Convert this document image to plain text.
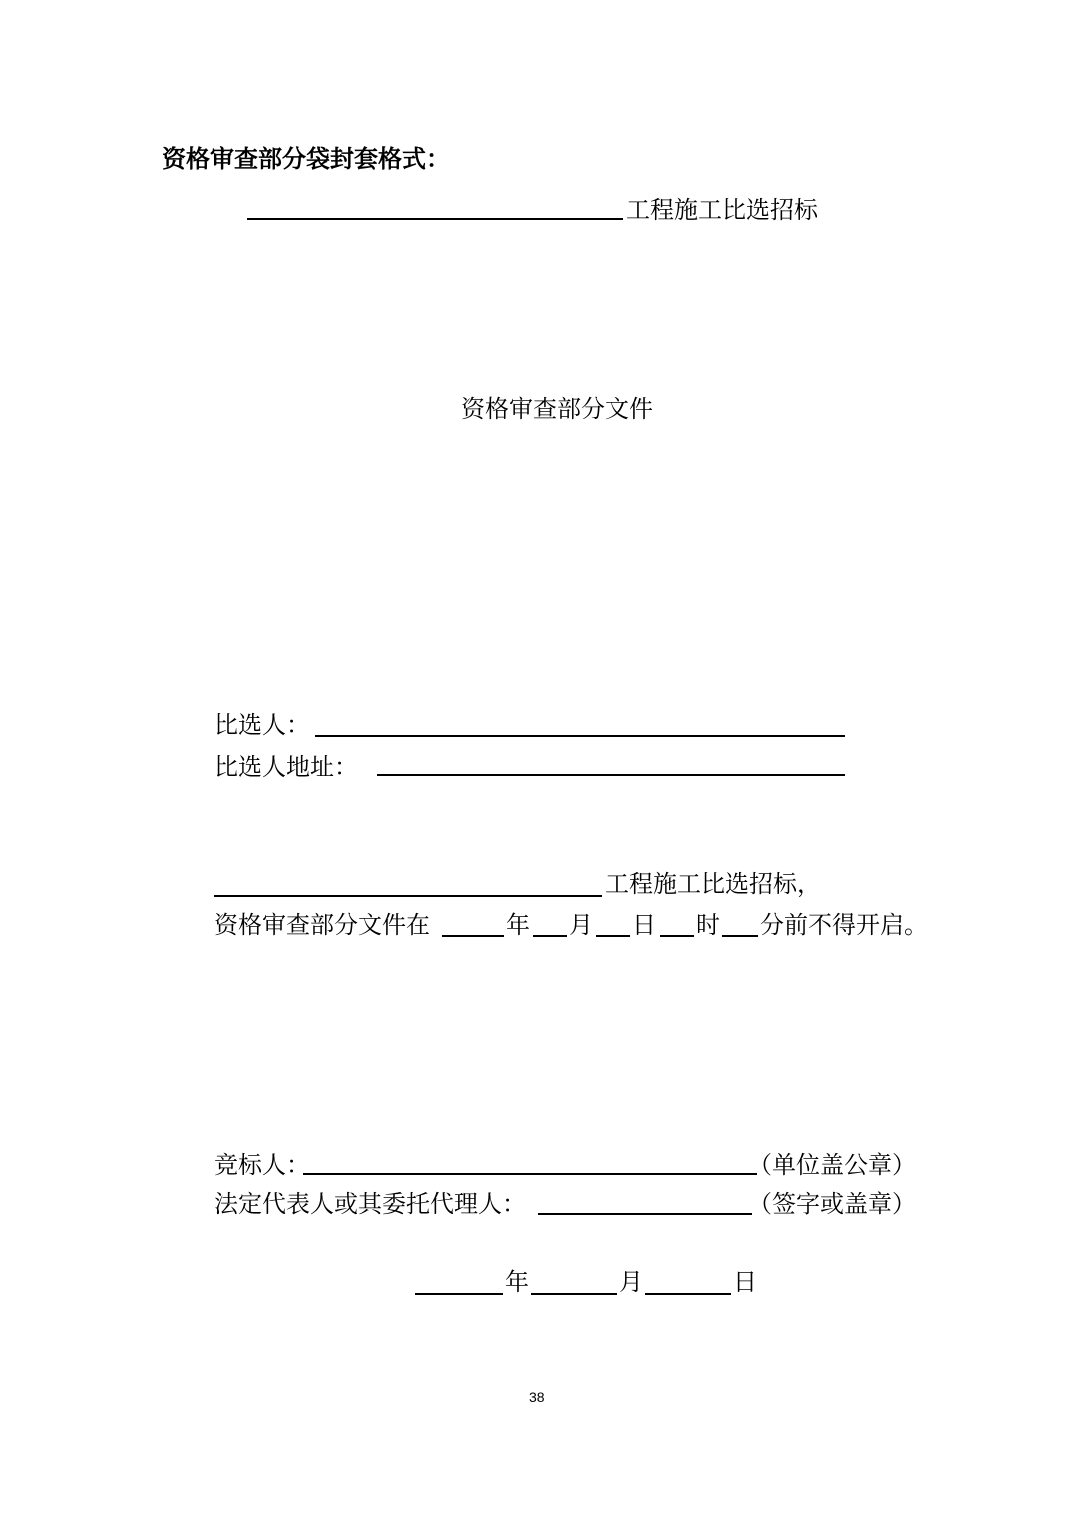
资格审查部分袋封套格式：
工程施工比选招标
资格审查部分文件
比选人：
比选人地址：
工程施工比选招标，
资格审查部分文件在	年 月 日 时 分前不得开启。
竞标人：	（单位盖公章）
法定代表人或其委托代理人：	（签字或盖章）
年	月	日
38
